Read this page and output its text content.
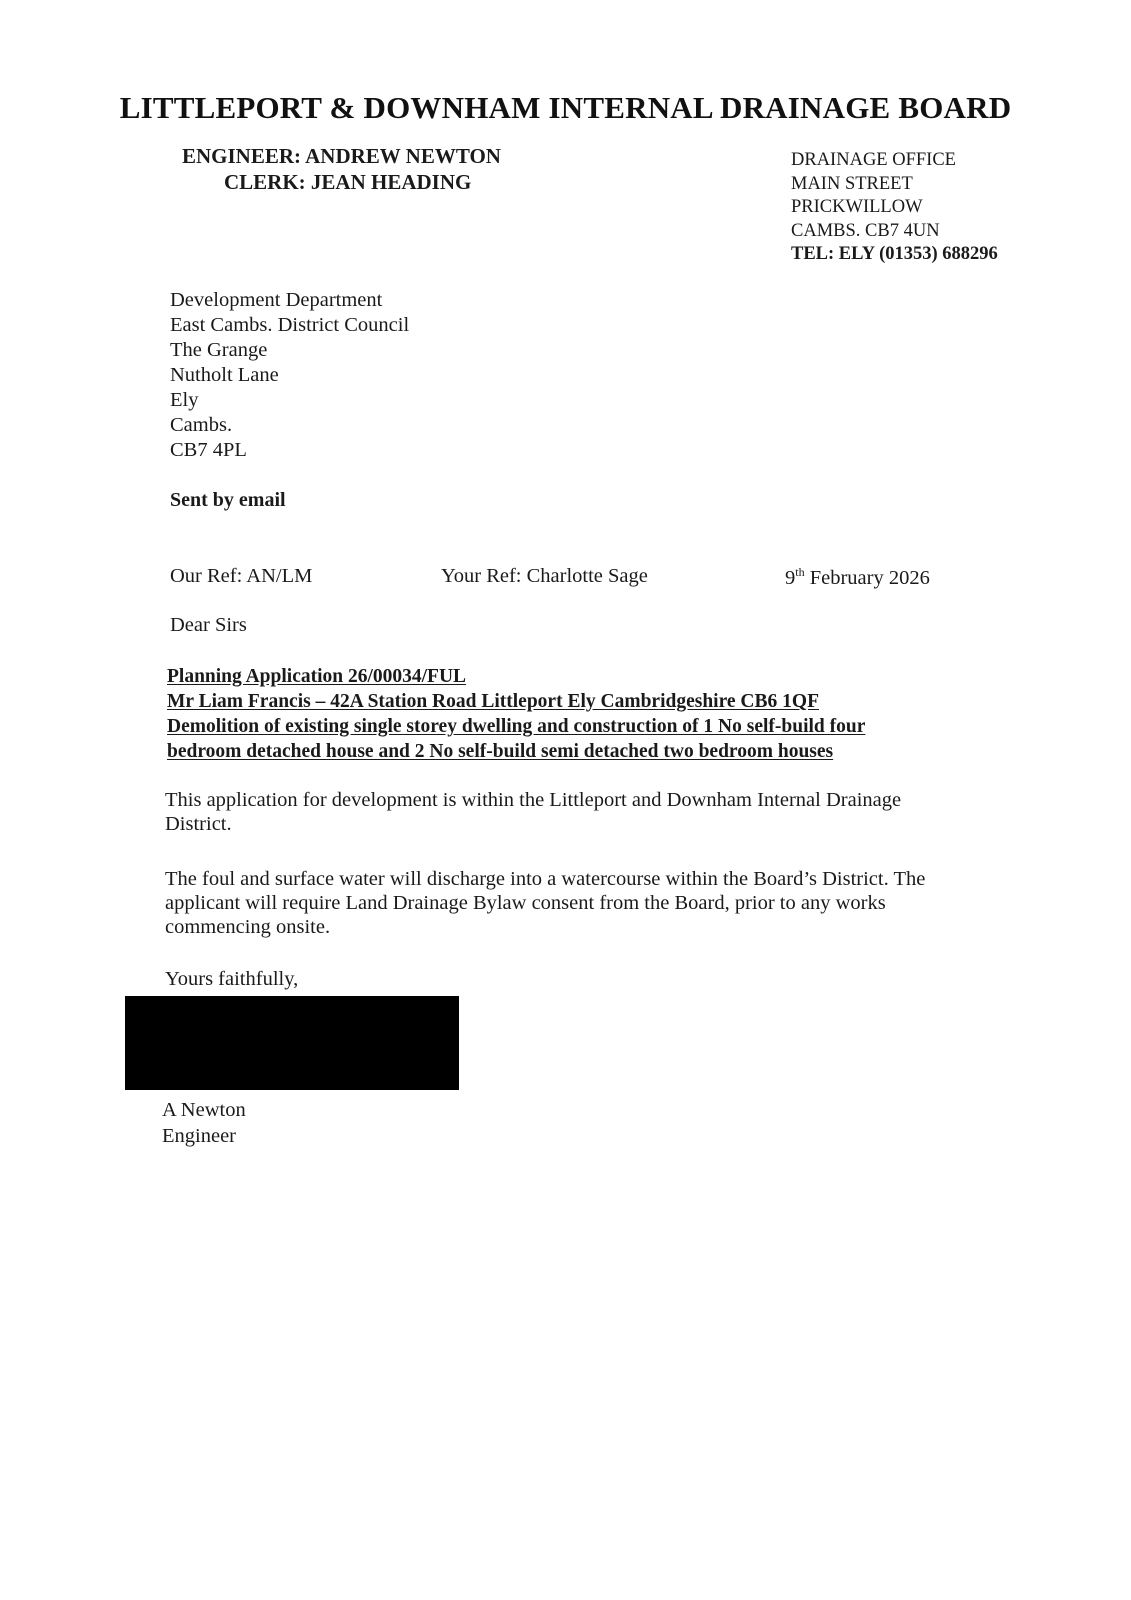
LITTLEPORT & DOWNHAM INTERNAL DRAINAGE BOARD
ENGINEER: ANDREW NEWTON
CLERK: JEAN HEADING
DRAINAGE OFFICE
MAIN STREET
PRICKWILLOW
CAMBS. CB7 4UN
TEL: ELY (01353) 688296
Development Department
East Cambs. District Council
The Grange
Nutholt Lane
Ely
Cambs.
CB7 4PL
Sent by email
Our Ref: AN/LM	Your Ref: Charlotte Sage	9th February 2026
Dear Sirs
Planning Application 26/00034/FUL
Mr Liam Francis – 42A Station Road Littleport Ely Cambridgeshire CB6 1QF
Demolition of existing single storey dwelling and construction of 1 No self-build four
bedroom detached house and 2 No self-build semi detached two bedroom houses
This application for development is within the Littleport and Downham Internal Drainage District.
The foul and surface water will discharge into a watercourse within the Board’s District. The applicant will require Land Drainage Bylaw consent from the Board, prior to any works commencing onsite.
Yours faithfully,
A Newton
Engineer
